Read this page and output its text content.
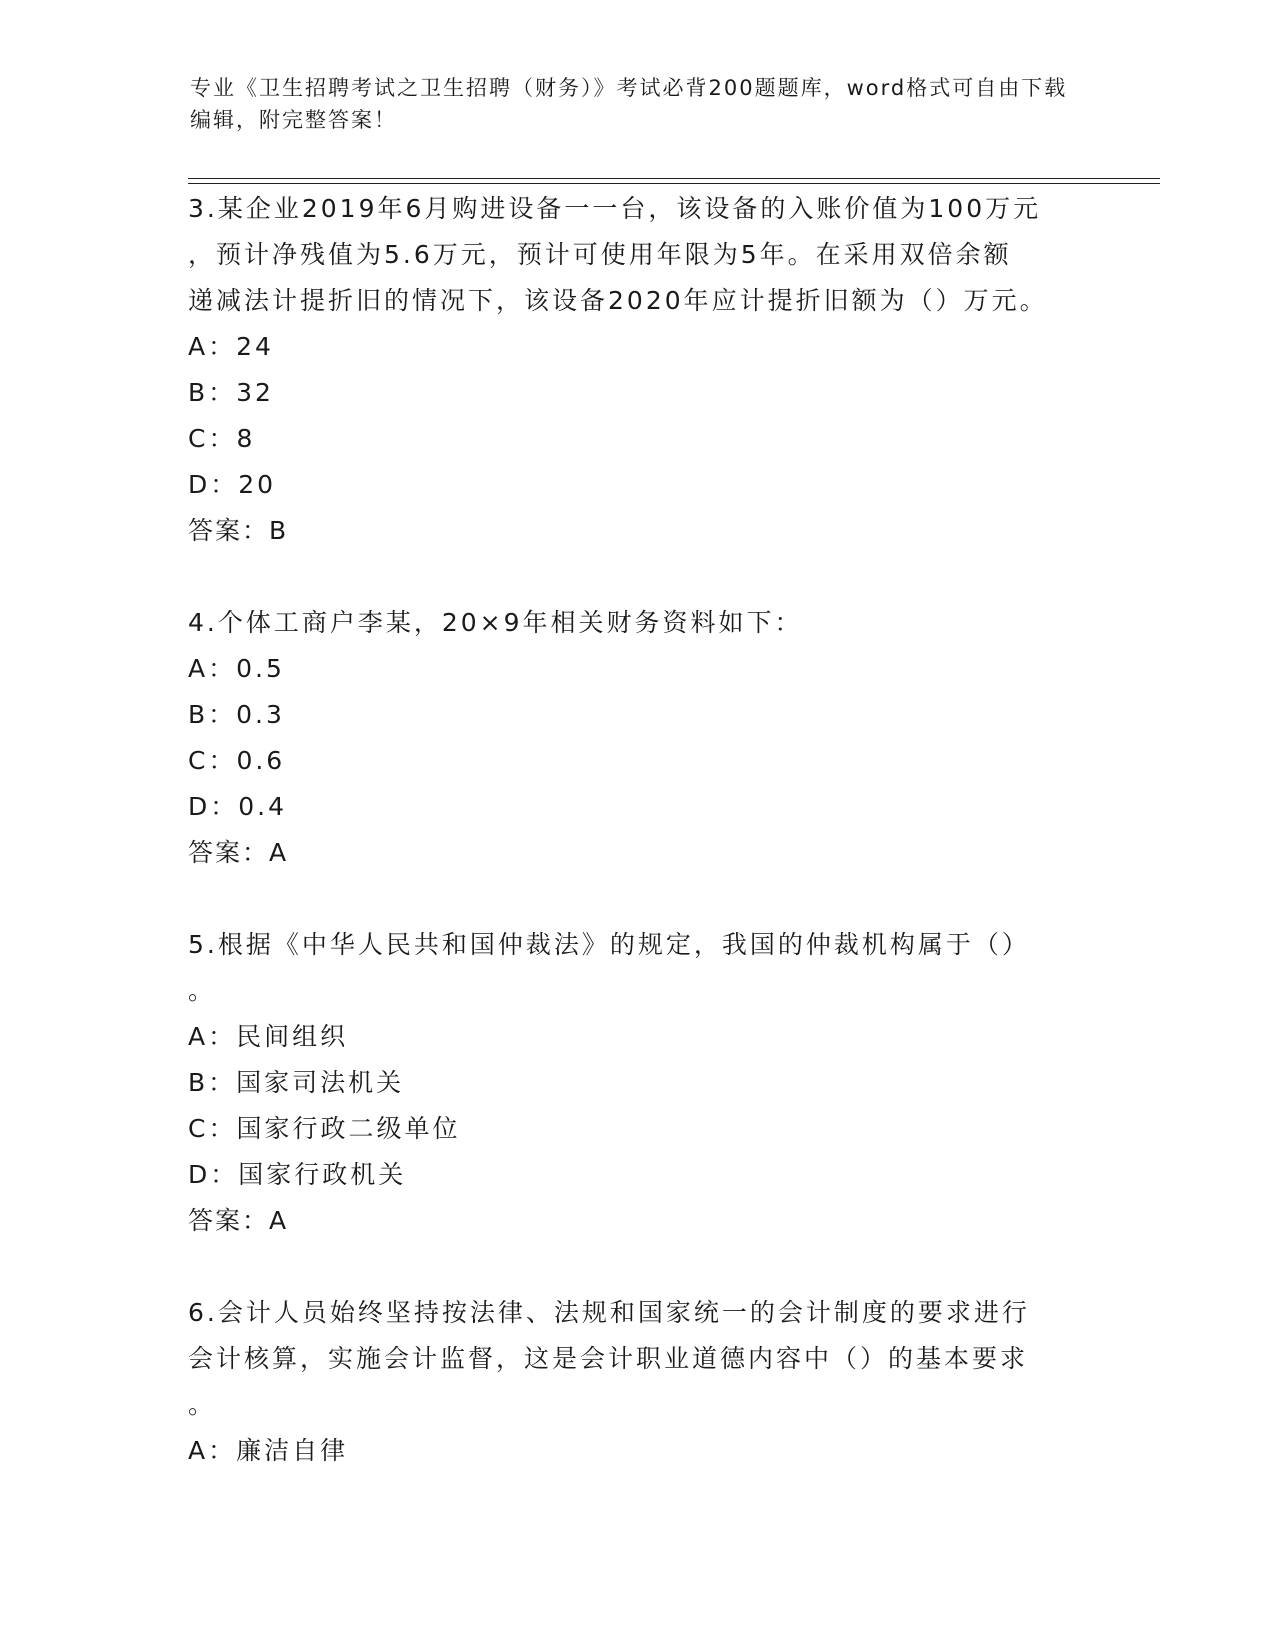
专业《卫生招聘考试之卫生招聘（财务）》考试必背200题题库，word格式可自由下载编辑，附完整答案！
3.某企业2019年6月购进设备一一台，该设备的入账价值为100万元
，预计净残值为5.6万元，预计可使用年限为5年。在采用双倍余额
递减法计提折旧的情况下，该设备2020年应计提折旧额为（）万元。
A：24
B：32
C：8
D：20
答案：B
4.个体工商户李某，20×9年相关财务资料如下：
A：0.5
B：0.3
C：0.6
D：0.4
答案：A
5.根据《中华人民共和国仲裁法》的规定，我国的仲裁机构属于（）
。
A：民间组织
B：国家司法机关
C：国家行政二级单位
D：国家行政机关
答案：A
6.会计人员始终坚持按法律、法规和国家统一的会计制度的要求进行
会计核算，实施会计监督，这是会计职业道德内容中（）的基本要求
。
A：廉洁自律
